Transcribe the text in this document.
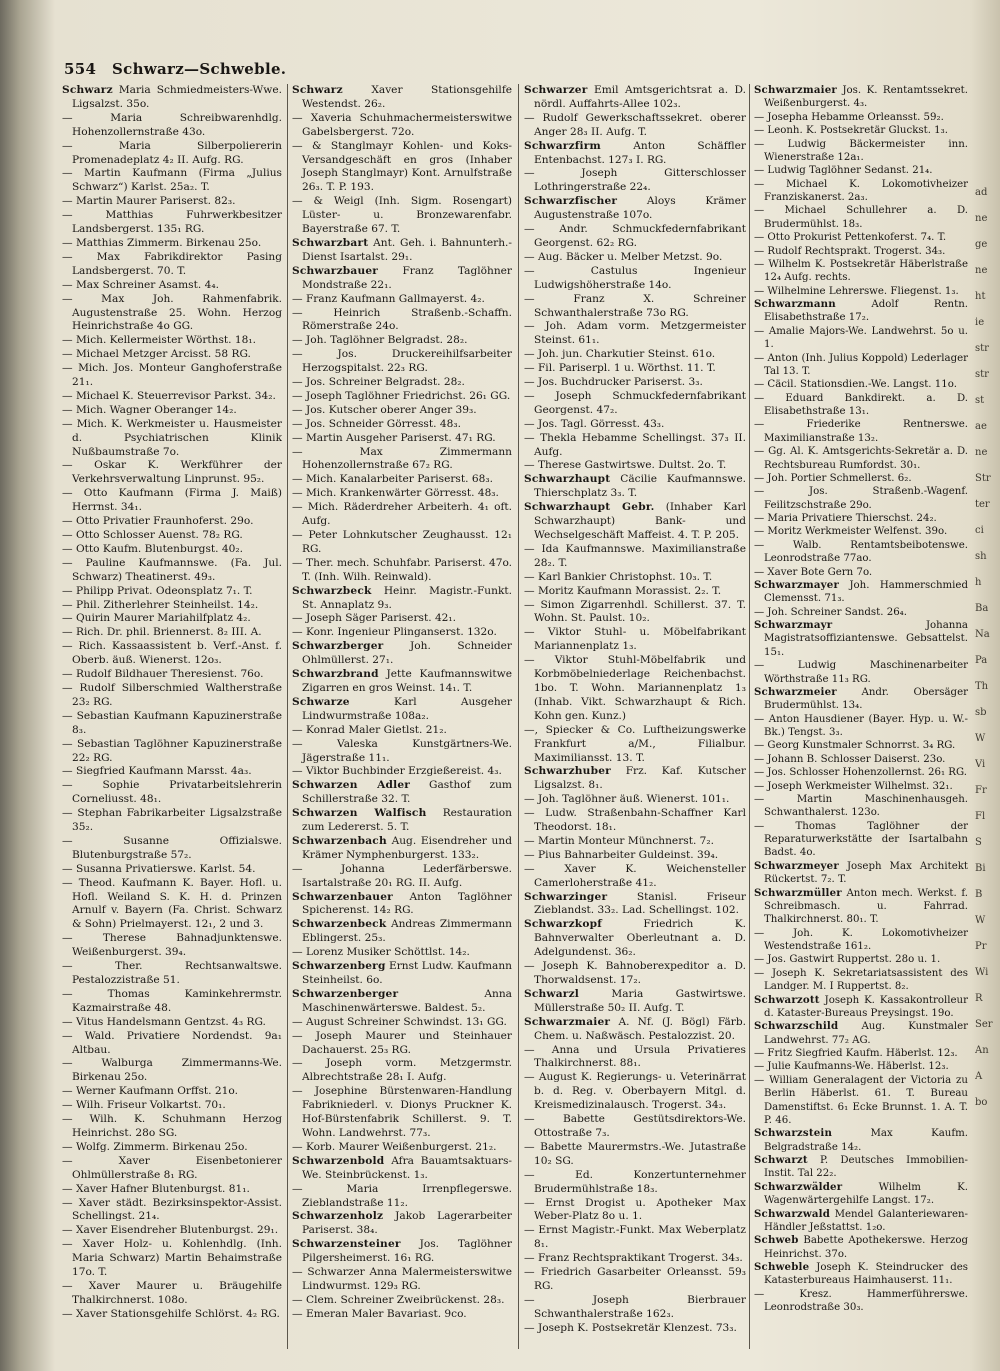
554 Schwarz—Schweble.

Schwarz Maria Schmiedmeisters-Wwe. Ligsalzst. 35o.

— Maria Schreibwarenhdlg. Hohenzollernstraße 43o.

— Maria Silberpoliererin Promenadeplatz 4₂ II. Aufg. RG.

— Martin Kaufmann (Firma „Julius Schwarz“) Karlst. 25a₂. T.

— Martin Maurer Pariserst. 82₃.

— Matthias Fuhrwerkbesitzer Landsbergerst. 135₁ RG.

— Matthias Zimmerm. Birkenau 25o.

— Max Fabrikdirektor Pasing Landsbergerst. 70. T.

— Max Schreiner Asamst. 4₄.

— Max Joh. Rahmenfabrik. Augustenstraße 25. Wohn. Herzog Heinrichstraße 4o GG.

— Mich. Kellermeister Wörthst. 18₁.

— Michael Metzger Arcisst. 58 RG.

— Mich. Jos. Monteur Ganghoferstraße 21₁.

— Michael K. Steuerrevisor Parkst. 34₂.

— Mich. Wagner Oberanger 14₂.

— Mich. K. Werkmeister u. Hausmeister d. Psychiatrischen Klinik Nußbaumstraße 7o.

— Oskar K. Werkführer der Verkehrsverwaltung Linprunst. 95₂.

— Otto Kaufmann (Firma J. Maiß) Herrnst. 34₁.

— Otto Privatier Fraunhoferst. 29o.

— Otto Schlosser Auenst. 78₂ RG.

— Otto Kaufm. Blutenburgst. 40₂.

— Pauline Kaufmannswe. (Fa. Jul. Schwarz) Theatinerst. 49₃.

— Philipp Privat. Odeonsplatz 7₁. T.

— Phil. Zitherlehrer Steinheilst. 14₂.

— Quirin Maurer Mariahilfplatz 4₂.

— Rich. Dr. phil. Briennerst. 8₂ III. A.

— Rich. Kassaassistent b. Verf.-Anst. f. Oberb. äuß. Wienerst. 12o₃.

— Rudolf Bildhauer Theresienst. 76o.

— Rudolf Silberschmied Waltherstraße 23₂ RG.

— Sebastian Kaufmann Kapuzinerstraße 8₃.

— Sebastian Taglöhner Kapuzinerstraße 22₂ RG.

— Siegfried Kaufmann Marsst. 4a₃.

— Sophie Privatarbeitslehrerin Corneliusst. 48₁.

— Stephan Fabrikarbeiter Ligsalzstraße 35₂.

— Susanne Offizialswe. Blutenburgstraße 57₂.

— Susanna Privatierswe. Karlst. 54.

— Theod. Kaufmann K. Bayer. Hofl. u. Hofl. Weiland S. K. H. d. Prinzen Arnulf v. Bayern (Fa. Christ. Schwarz & Sohn) Prielmayerst. 12₁, 2 und 3.

— Therese Bahnadjunktenswe. Weißenburgerst. 39₄.

— Ther. Rechtsanwaltswe. Pestalozzistraße 51.

— Thomas Kaminkehrermstr. Kazmairstraße 48.

— Vitus Handelsmann Gentzst. 4₃ RG.

— Wald. Privatiere Nordendst. 9a₁ Altbau.

— Walburga Zimmermanns-We. Birkenau 25o.

— Werner Kaufmann Orffst. 21o.

— Wilh. Friseur Volkartst. 70₁.

— Wilh. K. Schuhmann Herzog Heinrichst. 28o SG.

— Wolfg. Zimmerm. Birkenau 25o.

— Xaver Eisenbetonierer Ohlmüllerstraße 8₁ RG.

— Xaver Hafner Blutenburgst. 81₁.

— Xaver städt. Bezirksinspektor-Assist. Schellingst. 21₄.

— Xaver Eisendreher Blutenburgst. 29₁.

— Xaver Holz- u. Kohlenhdlg. (Inh. Maria Schwarz) Martin Behaimstraße 17o. T.

— Xaver Maurer u. Bräugehilfe Thalkirchnerst. 108o.

— Xaver Stationsgehilfe Schlörst. 4₂ RG.

Schwarz	Xaver Stationsgehilfe Westendst. 26₂.

— Xaveria Schuhmachermeisterswitwe Gabelsbergerst. 72o.

— & Stanglmayr Kohlen- und Koks-Versandgeschäft en gros (Inhaber Joseph Stanglmayr) Kont. Arnulfstraße 26₃. T. P. 193.

— & Weigl (Inh. Sigm. Rosengart) Lüster- u. Bronzewarenfabr. Bayerstraße 67. T.

Schwarzbart Ant. Geh. i. Bahnunterh.-Dienst Isartalst. 29₁.

Schwarzbauer Franz Taglöhner Mondstraße 22₁.

— Franz Kaufmann Gallmayerst. 4₂.

— Heinrich Straßenb.-Schaffn. Römerstraße 24o.

— Joh. Taglöhner Belgradst. 28₂.

— Jos. Druckereihilfsarbeiter Herzogspitalst. 22₃ RG.

— Jos. Schreiner Belgradst. 28₂.

— Joseph Taglöhner Friedrichst. 26₁ GG.

— Jos. Kutscher oberer Anger 39₃.

— Jos. Schneider Görresst. 48₃.

— Martin Ausgeher Pariserst. 47₁ RG.

— Max Zimmermann Hohenzollernstraße 67₂ RG.

— Mich. Kanalarbeiter Pariserst. 68₃.

— Mich. Krankenwärter Görresst. 48₃.

— Mich. Räderdreher Arbeiterh. 4₁ oft. Aufg.

— Peter Lohnkutscher Zeughausst. 12₁ RG.

— Ther. mech. Schuhfabr. Pariserst. 47o. T. (Inh. Wilh. Reinwald).

Schwarzbeck Heinr. Magistr.-Funkt. St. Annaplatz 9₃.

— Joseph Säger Pariserst. 42₁.

— Konr. Ingenieur Plinganserst. 132o.

Schwarzberger	Joh. Schneider Ohlmüllerst. 27₁.

Schwarzbrand Jette Kaufmannswitwe Zigarren en gros Weinst. 14₁. T.

Schwarze	Karl Ausgeher Lindwurmstraße 108a₂.

— Konrad Maler Gietlst. 21₂.

— Valeska Kunstgärtners-We. Jägerstraße 11₁.

— Viktor Buchbinder Erzgießereist. 4₃.

Schwarzen Adler Gasthof zum Schillerstraße 32. T.

Schwarzen Walfisch Restauration zum Ledererst. 5. T.

Schwarzenbach Aug. Eisendreher und Krämer Nymphenburgerst. 133₂.

— Johanna Lederfärberswe. Isartalstraße 20₁ RG. II. Aufg.

Schwarzenbauer Anton Taglöhner Spicherenst. 14₂ RG.

Schwarzenbeck Andreas Zimmermann Eblingerst. 25₃.

— Lorenz Musiker Schöttlst. 14₂.

Schwarzenberg Ernst Ludw. Kaufmann Steinheilst. 6o.

Schwarzenberger	Anna Maschinenwärterswe. Baldest. 5₂.

— August Schreiner Schwindst. 13₁ GG.

— Joseph Maurer und Steinhauer Dachauerst. 25₃ RG.

— Joseph vorm. Metzgermstr. Albrechtstraße 28₁ I. Aufg.

— Josephine Bürstenwaren-Handlung Fabrikniederl. v. Dionys Pruckner K. Hof-Bürstenfabrik Schillerst. 9. T. Wohn. Landwehrst. 77₃.

— Korb. Maurer Weißenburgerst. 21₂.

Schwarzenbold Afra Bauamtsaktuars-We. Steinbrückenst. 1₃.

— Maria Irrenpflegerswe. Zieblandstraße 11₂.

Schwarzenholz Jakob Lagerarbeiter Pariserst. 38₄.

Schwarzensteiner Jos. Taglöhner Pilgersheimerst. 16₁ RG.

— Schwarzer Anna Malermeisterswitwe Lindwurmst. 129₃ RG.

— Clem. Schreiner Zweibrückenst. 28₃.

— Emeran Maler Bavariast. 9co.

Schwarzer Emil Amtsgerichtsrat a. D. nördl. Auffahrts-Allee 102₃.

— Rudolf Gewerkschaftssekret. oberer Anger 28₃ II. Aufg. T.

Schwarzfirm	Anton Schäffler Entenbachst. 127₃ I. RG.

— Joseph Gitterschlosser Lothringerstraße 22₄.

Schwarzfischer	Aloys Krämer Augustenstraße 107o.

— Andr. Schmuckfedernfabrikant Georgenst. 62₂ RG.

— Aug. Bäcker u. Melber Metzst. 9o.

— Castulus Ingenieur Ludwigshöherstraße 14o.

— Franz X. Schreiner Schwanthalerstraße 73o RG.

— Joh. Adam vorm. Metzgermeister Steinst. 61₁.

— Joh. jun. Charkutier Steinst. 61o.

— Fil. Pariserpl. 1 u. Wörthst. 11. T.

— Jos. Buchdrucker Pariserst. 3₃.

— Joseph Schmuckfedernfabrikant Georgenst. 47₂.

— Jos. Tagl. Görresst. 43₃.

— Thekla Hebamme Schellingst. 37₃ II. Aufg.

— Therese Gastwirtswe. Dultst. 2o. T.

Schwarzhaupt Cäcilie Kaufmannswe. Thierschplatz 3₃. T.

Schwarzhaupt Gebr. (Inhaber Karl Schwarzhaupt) Bank- und Wechselgeschäft Maffeist. 4. T. P. 205.

— Ida Kaufmannswe. Maximilianstraße 28₂. T.

— Karl Bankier Christophst. 10₃. T.

— Moritz Kaufmann Morassist. 2₂. T.

— Simon Zigarrenhdl. Schillerst. 37. T. Wohn. St. Paulst. 10₂.

— Viktor Stuhl- u. Möbelfabrikant Mariannenplatz 1₃.

— Viktor Stuhl-Möbelfabrik und Korbmöbelniederlage Reichenbachst. 1bo. T. Wohn. Mariannenplatz 1₃ (Inhab. Vikt. Schwarzhaupt & Rich. Kohn gen. Kunz.)

—, Spiecker & Co. Luftheizungswerke Frankfurt a/M., Filialbur. Maximiliansst. 13. T.

Schwarzhuber Frz. Kaf. Kutscher Ligsalzst. 8₁.

— Joh. Taglöhner äuß. Wienerst. 101₁.

— Ludw. Straßenbahn-Schaffner Karl Theodorst. 18₁.

— Martin Monteur Münchnerst. 7₂.

— Pius Bahnarbeiter Guldeinst. 39₄.

— Xaver K. Weichensteller Camerloherstraße 41₂.

Schwarzinger	Stanisl. Friseur Zieblandst. 33₂. Lad. Schellingst. 102.

Schwarzkopf	Friedrich K. Bahnverwalter Oberleutnant a. D. Adelgundenst. 36₂.

— Joseph K. Bahnoberexpeditor a. D. Thorwaldsenst. 17₂.

Schwarzl	Maria Gastwirtswe. Müllerstraße 50₂ II. Aufg. T.

Schwarzmaier A. Nf. (J. Bögl) Färb. Chem. u. Naßwäsch. Pestalozzist. 20.

— Anna und Ursula Privatieres Thalkirchnerst. 88₁.

— August K. Regierungs- u. Veterinärrat b. d. Reg. v. Oberbayern Mitgl. d. Kreismedizinalausch. Trogerst. 34₃.

— Babette Gestütsdirektors-We. Ottostraße 7₃.

— Babette Maurermstrs.-We. Jutastraße 10₂ SG.

— Ed. Konzertunternehmer Brudermühlstraße 18₃.

— Ernst Drogist u. Apotheker Max Weber-Platz 8o u. 1.

— Ernst Magistr.-Funkt. Max Weberplatz 8₁.

— Franz Rechtspraktikant Trogerst. 34₃.

— Friedrich Gasarbeiter Orleansst. 59₃ RG.

— Joseph Bierbrauer Schwanthalerstraße 162₃.

— Joseph K. Postsekretär Klenzest. 73₃.

Schwarzmaier Jos. K. Rentamtssekret. Weißenburgerst. 4₃.

— Josepha Hebamme Orleansst. 59₂.

— Leonh. K. Postsekretär Gluckst. 1₃.

— Ludwig Bäckermeister inn. Wienerstraße 12a₁.

— Ludwig Taglöhner Sedanst. 21₄.

— Michael K. Lokomotivheizer Franziskanerst. 2a₃.

— Michael Schullehrer a. D. Brudermühlst. 18₃.

— Otto Prokurist Pettenkoferst. 7₄. T.

— Rudolf Rechtsprakt. Trogerst. 34₃.

— Wilhelm K. Postsekretär Häberlstraße 12₄ Aufg. rechts.

— Wilhelmine Lehrerswe. Fliegenst. 1₃.

Schwarzmann	Adolf Rentn. Elisabethstraße 17₂.

— Amalie Majors-We. Landwehrst. 5o u. 1.

— Anton (Inh. Julius Koppold) Lederlager Tal 13. T.

— Cäcil. Stationsdien.-We. Langst. 11o.

— Eduard Bankdirekt. a. D. Elisabethstraße 13₁.

— Friederike Rentnerswe. Maximilianstraße 13₂.

— Gg. Al. K. Amtsgerichts-Sekretär a. D. Rechtsbureau Rumfordst. 30₁.

— Joh. Portier Schmellerst. 6₂.

— Jos. Straßenb.-Wagenf. Feilitzschstraße 29o.

— Maria Privatiere Thierschst. 24₂.

— Moritz Werkmeister Welfenst. 39o.

— Walb. Rentamtsbeibotenswe. Leonrodstraße 77ao.

— Xaver Bote Gern 7o.

Schwarzmayer Joh. Hammerschmied Clemensst. 71₃.

— Joh. Schreiner Sandst. 26₄.

Schwarzmayr	Johanna Magistratsoffiziantenswe. Gebsattelst. 15₁.

— Ludwig Maschinenarbeiter Wörthstraße 11₃ RG.

Schwarzmeier Andr. Obersäger Brudermühlst. 13₄.

— Anton Hausdiener (Bayer. Hyp. u. W.-Bk.) Tengst. 3₃.

— Georg Kunstmaler Schnorrst. 3₄ RG.

— Johann B. Schlosser Daiserst. 23o.

— Jos. Schlosser Hohenzollernst. 26₁ RG.

— Joseph Werkmeister Wilhelmst. 32₁.

— Martin Maschinenhausgeh. Schwanthalerst. 123o.

— Thomas Taglöhner der Reparaturwerkstätte der Isartalbahn Badst. 4o.

Schwarzmeyer Joseph Max Architekt Rückertst. 7₂. T.

Schwarzmüller Anton mech. Werkst. f. Schreibmasch. u. Fahrrad. Thalkirchnerst. 80₁. T.

— Joh. K. Lokomotivheizer Westendstraße 161₂.

— Jos. Gastwirt Ruppertst. 28o u. 1.

— Joseph K. Sekretariatsassistent des Landger. M. I Ruppertst. 8₂.

Schwarzott Joseph K. Kassakontrolleur d. Kataster-Bureaus Preysingst. 19o.

Schwarzschild Aug. Kunstmaler Landwehrst. 77₂ AG.

— Fritz Siegfried Kaufm. Häberlst. 12₃.

— Julie Kaufmanns-We. Häberlst. 12₃.

— William Generalagent der Victoria zu Berlin Häberlst. 61. T. Bureau Damenstiftst. 6₁ Ecke Brunnst. 1. A. T. P. 46.

Schwarzstein	Max Kaufm. Belgradstraße 14₂.

Schwarzt P. Deutsches Immobilien-Instit. Tal 22₂.

Schwarzwälder	Wilhelm K. Wagenwärtergehilfe Langst. 17₂.

Schwarzwald Mendel Galanteriewaren-Händler Jeßstattst. 1₂o.

Schweb Babette Apothekerswe. Herzog Heinrichst. 37o.

Schweble Joseph K. Steindrucker des Katasterbureaus Haimhauserst. 11₁.

— Kresz. Hammerführerswe. Leonrodstraße 30₃.

ad
ne
ge
ne
ht
ie
str
str
st
ae
ne
Str
ter
ci
sh
h
Ba
Na
Pa
Th
sb
W
Vi
Fr
Fl
S
Bi
B
W
Pr
Wi
R
Ser
An
A
bo
